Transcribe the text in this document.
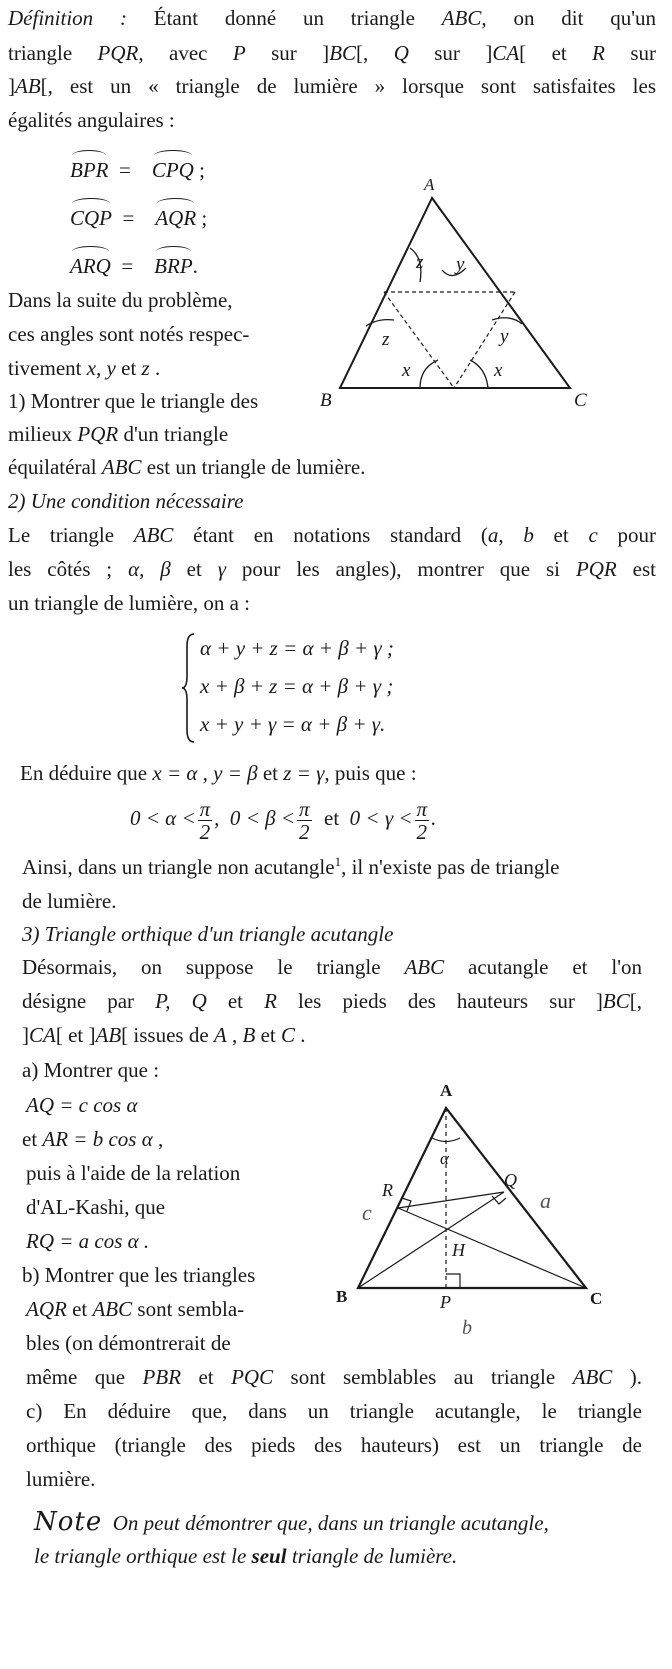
Définition : Étant donné un triangle ABC, on dit qu'un

triangle PQR, avec P sur ]BC[, Q sur ]CA[ et R sur

]AB[, est un « triangle de lumière » lorsque sont satisfaites les

égalités angulaires :

BPR = CPQ ;
CQP = AQR ;
ARQ = BRP.
A
B	C
z y
z	y
x	x

Dans la suite du problème,

ces angles sont notés respec-

tivement x, y et z .

1) Montrer que le triangle des

milieux PQR d'un triangle

équilatéral ABC est un triangle de lumière.

2) Une condition nécessaire

Le triangle ABC étant en notations standard (a, b et c pour

les côtés ; α, β et γ pour les angles), montrer que si PQR est

un triangle de lumière, on a :

α + y + z = α + β + γ ;
x + β + z = α + β + γ ;
x + y + γ = α + β + γ.

En déduire que x = α , y = β et z = γ, puis que :

$0 < \alpha < \frac{\pi}{2}$ , $0 < \beta < \frac{\pi}{2}$ et $0 < \gamma < \frac{\pi}{2}$ .

Ainsi, dans un triangle non acutangle$^1$, il n'existe pas de triangle

de lumière.

3) Triangle orthique d'un triangle acutangle

Désormais, on suppose le triangle ABC acutangle et l'on

désigne par P, Q et R les pieds des hauteurs sur ]BC[,

]CA[ et ]AB[ issues de A , B et C .

a) Montrer que :

AQ = c cos α

et AR = b cos α ,

puis à l'aide de la relation

d'AL-Kashi, que

RQ = a cos α .

b) Montrer que les triangles

AQR et ABC sont sembla-

bles (on démontrerait de

même que PBR et PQC sont semblables au triangle ABC ).

c) En déduire que, dans un triangle acutangle, le triangle

orthique (triangle des pieds des hauteurs) est un triangle de

lumière.

A
B	C
P
Q
R
H
α
c	a
b

Note On peut démontrer que, dans un triangle acutangle,

le triangle orthique est le seul triangle de lumière.
